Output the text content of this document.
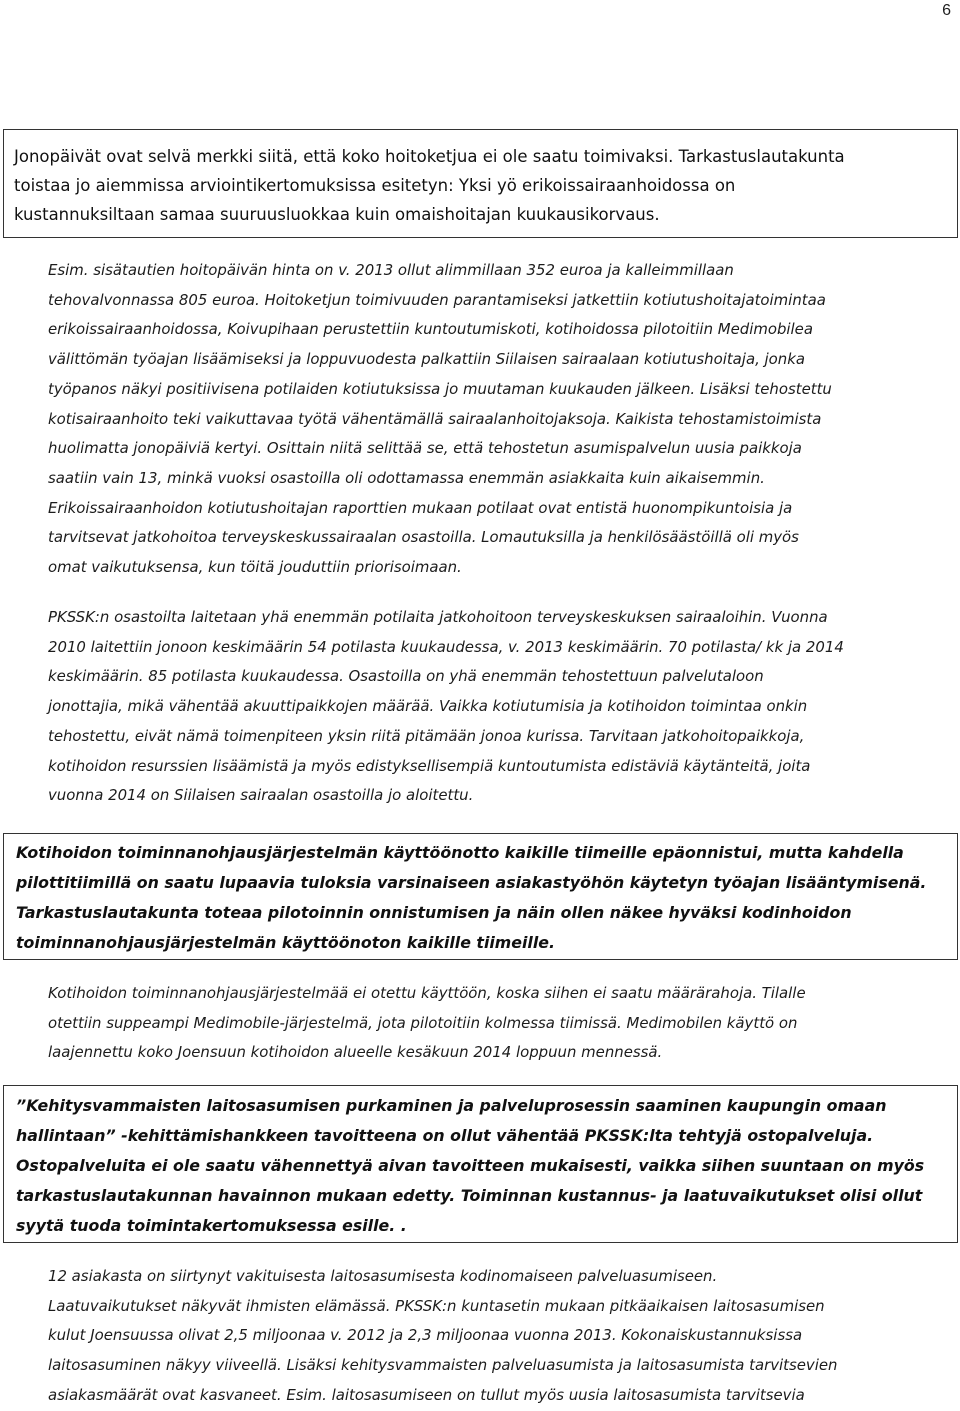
6

Jonopäivät ovat selvä merkki siitä, että koko hoitoketjua ei ole saatu toimivaksi. Tarkastuslautakunta
toistaa jo aiemmissa arviointikertomuksissa esitetyn: Yksi yö erikoissairaanhoidossa on
kustannuksiltaan samaa suuruusluokkaa kuin omaishoitajan kuukausikorvaus.

Esim. sisätautien hoitopäivän hinta on v. 2013 ollut alimmillaan 352 euroa ja kalleimmillaan
tehovalvonnassa 805 euroa. Hoitoketjun toimivuuden parantamiseksi jatkettiin kotiutushoitajatoimintaa
erikoissairaanhoidossa, Koivupihaan perustettiin kuntoutumiskoti, kotihoidossa pilotoitiin Medimobilea
välittömän työajan lisäämiseksi ja loppuvuodesta palkattiin Siilaisen sairaalaan kotiutushoitaja, jonka
työpanos näkyi positiivisena potilaiden kotiutuksissa jo muutaman kuukauden jälkeen. Lisäksi tehostettu
kotisairaanhoito teki vaikuttavaa työtä vähentämällä sairaalanhoitojaksoja. Kaikista tehostamistoimista
huolimatta jonopäiviä kertyi. Osittain niitä selittää se, että tehostetun asumispalvelun uusia paikkoja
saatiin vain 13, minkä vuoksi osastoilla oli odottamassa enemmän asiakkaita kuin aikaisemmin.
Erikoissairaanhoidon kotiutushoitajan raporttien mukaan potilaat ovat entistä huonompikuntoisia ja
tarvitsevat jatkohoitoa terveyskeskussairaalan osastoilla. Lomautuksilla ja henkilösäästöillä oli myös
omat vaikutuksensa, kun töitä jouduttiin priorisoimaan.

PKSSK:n osastoilta laitetaan yhä enemmän potilaita jatkohoitoon terveyskeskuksen sairaaloihin. Vuonna
2010 laitettiin jonoon keskimäärin 54 potilasta kuukaudessa, v. 2013 keskimäärin. 70 potilasta/ kk ja 2014
keskimäärin. 85 potilasta kuukaudessa. Osastoilla on yhä enemmän tehostettuun palvelutaloon
jonottajia, mikä vähentää akuuttipaikkojen määrää. Vaikka kotiutumisia ja kotihoidon toimintaa onkin
tehostettu, eivät nämä toimenpiteen yksin riitä pitämään jonoa kurissa. Tarvitaan jatkohoitopaikkoja,
kotihoidon resurssien lisäämistä ja myös edistyksellisempiä kuntoutumista edistäviä käytänteitä, joita
vuonna 2014 on Siilaisen sairaalan osastoilla jo aloitettu.

Kotihoidon toiminnanohjausjärjestelmän käyttöönotto kaikille tiimeille epäonnistui, mutta kahdella
pilottitiimillä on saatu lupaavia tuloksia varsinaiseen asiakastyöhön käytetyn työajan lisääntymisenä.
Tarkastuslautakunta toteaa pilotoinnin onnistumisen ja näin ollen näkee hyväksi kodinhoidon
toiminnanohjausjärjestelmän käyttöönoton kaikille tiimeille.

Kotihoidon toiminnanohjausjärjestelmää ei otettu käyttöön, koska siihen ei saatu määrärahoja. Tilalle
otettiin suppeampi Medimobile-järjestelmä, jota pilotoitiin kolmessa tiimissä. Medimobilen käyttö on
laajennettu koko Joensuun kotihoidon alueelle kesäkuun 2014 loppuun mennessä.

”Kehitysvammaisten laitosasumisen purkaminen ja palveluprosessin saaminen kaupungin omaan
hallintaan” -kehittämishankkeen tavoitteena on ollut vähentää PKSSK:lta tehtyjä ostopalveluja.
Ostopalveluita ei ole saatu vähennettyä aivan tavoitteen mukaisesti, vaikka siihen suuntaan on myös
tarkastuslautakunnan havainnon mukaan edetty. Toiminnan kustannus- ja laatuvaikutukset olisi ollut
syytä tuoda toimintakertomuksessa esille. .

12 asiakasta on siirtynyt vakituisesta laitosasumisesta kodinomaiseen palveluasumiseen.
Laatuvaikutukset näkyvät ihmisten elämässä. PKSSK:n kuntasetin mukaan pitkäaikaisen laitosasumisen
kulut Joensuussa olivat 2,5 miljoonaa v. 2012 ja 2,3 miljoonaa vuonna 2013. Kokonaiskustannuksissa
laitosasuminen näkyy viiveellä. Lisäksi kehitysvammaisten palveluasumista ja laitosasumista tarvitsevien
asiakasmäärät ovat kasvaneet. Esim. laitosasumiseen on tullut myös uusia laitosasumista tarvitsevia
